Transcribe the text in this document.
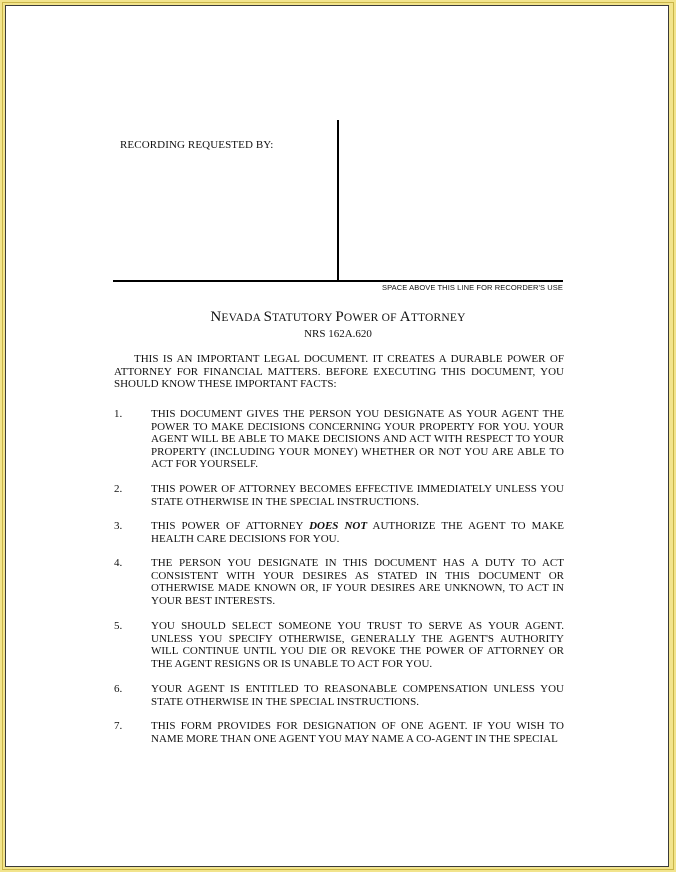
RECORDING REQUESTED BY:
SPACE ABOVE THIS LINE FOR RECORDER'S USE
NEVADA STATUTORY POWER OF ATTORNEY
NRS 162A.620
THIS IS AN IMPORTANT LEGAL DOCUMENT. IT CREATES A DURABLE POWER OF ATTORNEY FOR FINANCIAL MATTERS. BEFORE EXECUTING THIS DOCUMENT, YOU SHOULD KNOW THESE IMPORTANT FACTS:
1.	THIS DOCUMENT GIVES THE PERSON YOU DESIGNATE AS YOUR AGENT THE POWER TO MAKE DECISIONS CONCERNING YOUR PROPERTY FOR YOU. YOUR AGENT WILL BE ABLE TO MAKE DECISIONS AND ACT WITH RESPECT TO YOUR PROPERTY (INCLUDING YOUR MONEY) WHETHER OR NOT YOU ARE ABLE TO ACT FOR YOURSELF.
2.	THIS POWER OF ATTORNEY BECOMES EFFECTIVE IMMEDIATELY UNLESS YOU STATE OTHERWISE IN THE SPECIAL INSTRUCTIONS.
3.	THIS POWER OF ATTORNEY DOES NOT AUTHORIZE THE AGENT TO MAKE HEALTH CARE DECISIONS FOR YOU.
4.	THE PERSON YOU DESIGNATE IN THIS DOCUMENT HAS A DUTY TO ACT CONSISTENT WITH YOUR DESIRES AS STATED IN THIS DOCUMENT OR OTHERWISE MADE KNOWN OR, IF YOUR DESIRES ARE UNKNOWN, TO ACT IN YOUR BEST INTERESTS.
5.	YOU SHOULD SELECT SOMEONE YOU TRUST TO SERVE AS YOUR AGENT. UNLESS YOU SPECIFY OTHERWISE, GENERALLY THE AGENT'S AUTHORITY WILL CONTINUE UNTIL YOU DIE OR REVOKE THE POWER OF ATTORNEY OR THE AGENT RESIGNS OR IS UNABLE TO ACT FOR YOU.
6.	YOUR AGENT IS ENTITLED TO REASONABLE COMPENSATION UNLESS YOU STATE OTHERWISE IN THE SPECIAL INSTRUCTIONS.
7.	THIS FORM PROVIDES FOR DESIGNATION OF ONE AGENT. IF YOU WISH TO NAME MORE THAN ONE AGENT YOU MAY NAME A CO-AGENT IN THE SPECIAL
